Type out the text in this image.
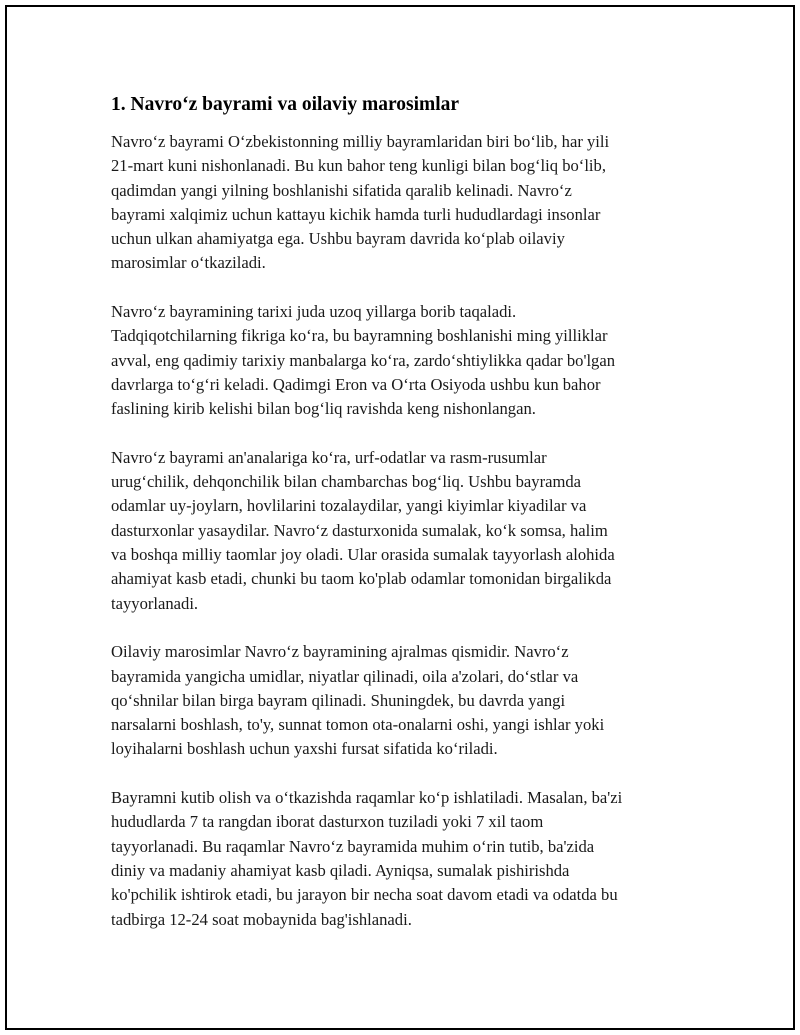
1. Navro‘z bayrami va oilaviy marosimlar

Navro‘z bayrami O‘zbekistonning milliy bayramlaridan biri bo‘lib, har yili
21-mart kuni nishonlanadi. Bu kun bahor teng kunligi bilan bog‘liq bo‘lib,
qadimdan yangi yilning boshlanishi sifatida qaralib kelinadi. Navro‘z
bayrami xalqimiz uchun kattayu kichik hamda turli hududlardagi insonlar
uchun ulkan ahamiyatga ega. Ushbu bayram davrida ko‘plab oilaviy
marosimlar o‘tkaziladi.

Navro‘z bayramining tarixi juda uzoq yillarga borib taqaladi.
Tadqiqotchilarning fikriga ko‘ra, bu bayramning boshlanishi ming yilliklar
avval, eng qadimiy tarixiy manbalarga ko‘ra, zardo‘shtiylikka qadar bo'lgan
davrlarga to‘g‘ri keladi. Qadimgi Eron va O‘rta Osiyoda ushbu kun bahor
faslining kirib kelishi bilan bog‘liq ravishda keng nishonlangan.

Navro‘z bayrami an'analariga ko‘ra, urf-odatlar va rasm-rusumlar
urug‘chilik, dehqonchilik bilan chambarchas bog‘liq. Ushbu bayramda
odamlar uy-joylarn, hovlilarini tozalaydilar, yangi kiyimlar kiyadilar va
dasturxonlar yasaydilar. Navro‘z dasturxonida sumalak, ko‘k somsa, halim
va boshqa milliy taomlar joy oladi. Ular orasida sumalak tayyorlash alohida
ahamiyat kasb etadi, chunki bu taom ko'plab odamlar tomonidan birgalikda
tayyorlanadi.

Oilaviy marosimlar Navro‘z bayramining ajralmas qismidir. Navro‘z
bayramida yangicha umidlar, niyatlar qilinadi, oila a'zolari, do‘stlar va
qo‘shnilar bilan birga bayram qilinadi. Shuningdek, bu davrda yangi
narsalarni boshlash, to'y, sunnat tomon ota-onalarni oshi, yangi ishlar yoki
loyihalarni boshlash uchun yaxshi fursat sifatida ko‘riladi.

Bayramni kutib olish va o‘tkazishda raqamlar ko‘p ishlatiladi. Masalan, ba'zi
hududlarda 7 ta rangdan iborat dasturxon tuziladi yoki 7 xil taom
tayyorlanadi. Bu raqamlar Navro‘z bayramida muhim o‘rin tutib, ba'zida
diniy va madaniy ahamiyat kasb qiladi. Ayniqsa, sumalak pishirishda
ko'pchilik ishtirok etadi, bu jarayon bir necha soat davom etadi va odatda bu
tadbirga 12-24 soat mobaynida bag'ishlanadi.
